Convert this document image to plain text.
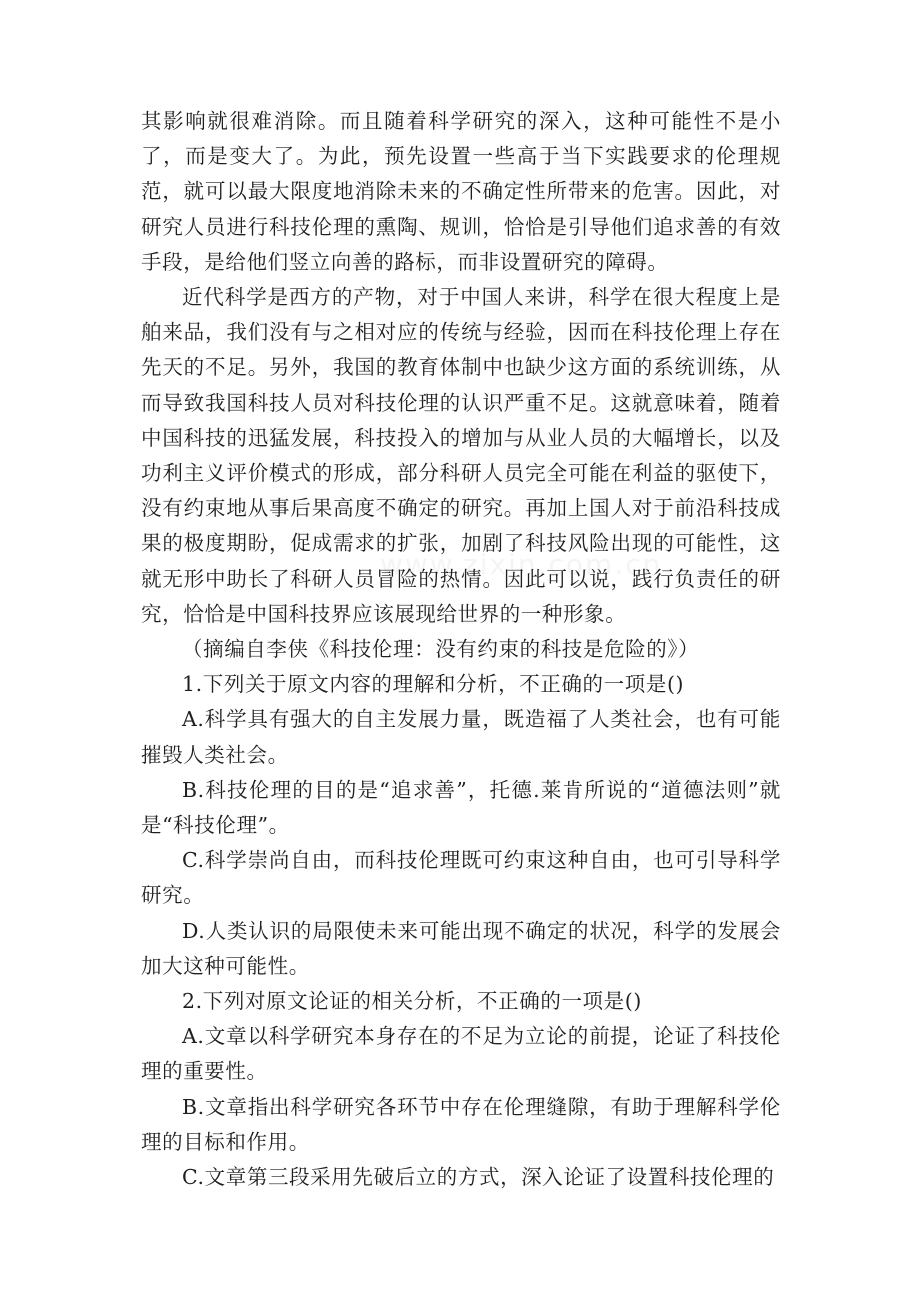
其影响就很难消除。而且随着科学研究的深入，这种可能性不是小了，而是变大了。为此，预先设置一些高于当下实践要求的伦理规范，就可以最大限度地消除未来的不确定性所带来的危害。因此，对研究人员进行科技伦理的熏陶、规训，恰恰是引导他们追求善的有效手段，是给他们竖立向善的路标，而非设置研究的障碍。

近代科学是西方的产物，对于中国人来讲，科学在很大程度上是舶来品，我们没有与之相对应的传统与经验，因而在科技伦理上存在先天的不足。另外，我国的教育体制中也缺少这方面的系统训练，从而导致我国科技人员对科技伦理的认识严重不足。这就意味着，随着中国科技的迅猛发展，科技投入的增加与从业人员的大幅增长，以及功利主义评价模式的形成，部分科研人员完全可能在利益的驱使下，没有约束地从事后果高度不确定的研究。再加上国人对于前沿科技成果的极度期盼，促成需求的扩张，加剧了科技风险出现的可能性，这就无形中助长了科研人员冒险的热情。因此可以说，践行负责任的研究，恰恰是中国科技界应该展现给世界的一种形象。

（摘编自李侠《科技伦理：没有约束的科技是危险的》）

1.下列关于原文内容的理解和分析，不正确的一项是()

A.科学具有强大的自主发展力量，既造福了人类社会，也有可能摧毁人类社会。

B.科技伦理的目的是“追求善”，托德.莱肯所说的“道德法则”就是“科技伦理”。

C.科学崇尚自由，而科技伦理既可约束这种自由，也可引导科学研究。

D.人类认识的局限使未来可能出现不确定的状况，科学的发展会加大这种可能性。

2.下列对原文论证的相关分析，不正确的一项是()

A.文章以科学研究本身存在的不足为立论的前提，论证了科技伦理的重要性。

B.文章指出科学研究各环节中存在伦理缝隙，有助于理解科学伦理的目标和作用。

C.文章第三段采用先破后立的方式，深入论证了设置科技伦理的
